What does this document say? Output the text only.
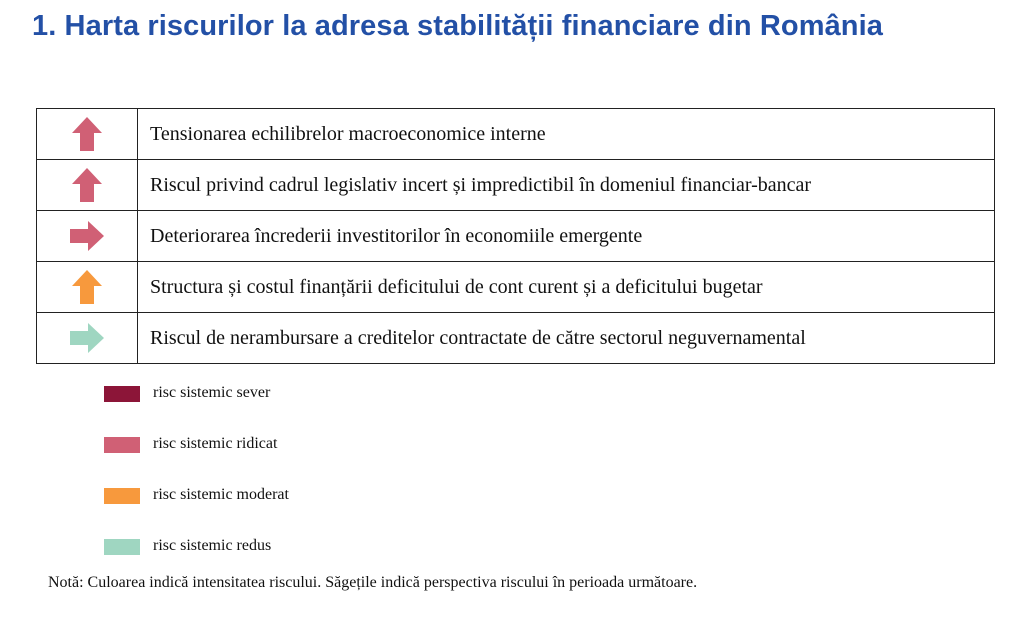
1. Harta riscurilor la adresa stabilității financiare din România
	Tensionarea echilibrelor macroeconomice interne
	Riscul privind cadrul legislativ incert și impredictibil în domeniul financiar-bancar
	Deteriorarea încrederii investitorilor în economiile emergente
	Structura și costul finanțării deficitului de cont curent și a deficitului bugetar
	Riscul de nerambursare a creditelor contractate de către sectorul neguvernamental
risc sistemic sever
risc sistemic ridicat
risc sistemic moderat
risc sistemic redus
Notă: Culoarea indică intensitatea riscului. Săgețile indică perspectiva riscului în perioada următoare.
